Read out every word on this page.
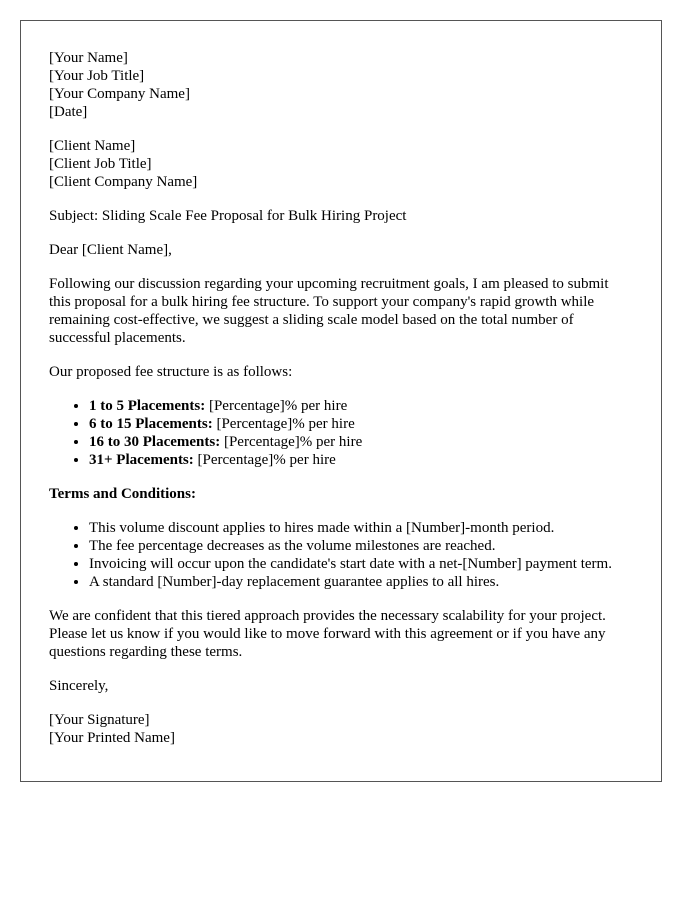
[Your Name]
[Your Job Title]
[Your Company Name]
[Date]

[Client Name]
[Client Job Title]
[Client Company Name]

Subject: Sliding Scale Fee Proposal for Bulk Hiring Project

Dear [Client Name],

Following our discussion regarding your upcoming recruitment goals, I am pleased to submit this proposal for a bulk hiring fee structure. To support your company's rapid growth while remaining cost-effective, we suggest a sliding scale model based on the total number of successful placements.

Our proposed fee structure is as follows:

• 1 to 5 Placements: [Percentage]% per hire
• 6 to 15 Placements: [Percentage]% per hire
• 16 to 30 Placements: [Percentage]% per hire
• 31+ Placements: [Percentage]% per hire

Terms and Conditions:

• This volume discount applies to hires made within a [Number]-month period.
• The fee percentage decreases as the volume milestones are reached.
• Invoicing will occur upon the candidate's start date with a net-[Number] payment term.
• A standard [Number]-day replacement guarantee applies to all hires.

We are confident that this tiered approach provides the necessary scalability for your project. Please let us know if you would like to move forward with this agreement or if you have any questions regarding these terms.

Sincerely,

[Your Signature]
[Your Printed Name]
